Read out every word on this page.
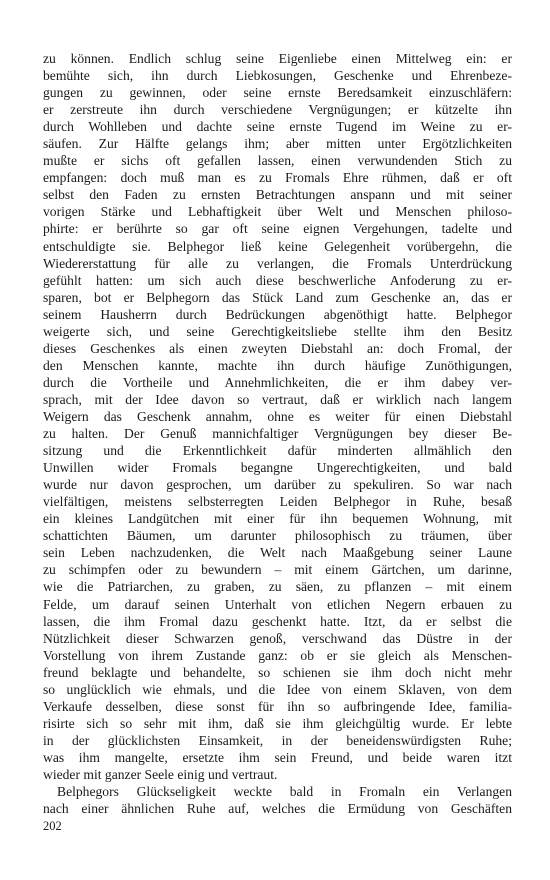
zu können. Endlich schlug seine Eigenliebe einen Mittelweg ein: er
bemühte sich, ihn durch Liebkosungen, Geschenke und Ehrenbeze-
gungen zu gewinnen, oder seine ernste Beredsamkeit einzuschläfern:
er zerstreute ihn durch verschiedene Vergnügungen; er kützelte ihn
durch Wohlleben und dachte seine ernste Tugend im Weine zu er-
säufen. Zur Hälfte gelangs ihm; aber mitten unter Ergötzlichkeiten
mußte er sichs oft gefallen lassen, einen verwundenden Stich zu
empfangen: doch muß man es zu Fromals Ehre rühmen, daß er oft
selbst den Faden zu ernsten Betrachtungen anspann und mit seiner
vorigen Stärke und Lebhaftigkeit über Welt und Menschen philoso-
phirte: er berührte so gar oft seine eignen Vergehungen, tadelte und
entschuldigte sie. Belphegor ließ keine Gelegenheit vorübergehn, die
Wiedererstattung für alle zu verlangen, die Fromals Unterdrückung
gefühlt hatten: um sich auch diese beschwerliche Anfoderung zu er-
sparen, bot er Belphegorn das Stück Land zum Geschenke an, das er
seinem Hausherrn durch Bedrückungen abgenöthigt hatte. Belphegor
weigerte sich, und seine Gerechtigkeitsliebe stellte ihm den Besitz
dieses Geschenkes als einen zweyten Diebstahl an: doch Fromal, der
den Menschen kannte, machte ihn durch häufige Zunöthigungen,
durch die Vortheile und Annehmlichkeiten, die er ihm dabey ver-
sprach, mit der Idee davon so vertraut, daß er wirklich nach langem
Weigern das Geschenk annahm, ohne es weiter für einen Diebstahl
zu halten. Der Genuß mannichfaltiger Vergnügungen bey dieser Be-
sitzung und die Erkenntlichkeit dafür minderten allmählich den
Unwillen wider Fromals begangne Ungerechtigkeiten, und bald
wurde nur davon gesprochen, um darüber zu spekuliren. So war nach
vielfältigen, meistens selbsterregten Leiden Belphegor in Ruhe, besaß
ein kleines Landgütchen mit einer für ihn bequemen Wohnung, mit
schattichten Bäumen, um darunter philosophisch zu träumen, über
sein Leben nachzudenken, die Welt nach Maaßgebung seiner Laune
zu schimpfen oder zu bewundern – mit einem Gärtchen, um darinne,
wie die Patriarchen, zu graben, zu säen, zu pflanzen – mit einem
Felde, um darauf seinen Unterhalt von etlichen Negern erbauen zu
lassen, die ihm Fromal dazu geschenkt hatte. Itzt, da er selbst die
Nützlichkeit dieser Schwarzen genoß, verschwand das Düstre in der
Vorstellung von ihrem Zustande ganz: ob er sie gleich als Menschen-
freund beklagte und behandelte, so schienen sie ihm doch nicht mehr
so unglücklich wie ehmals, und die Idee von einem Sklaven, von dem
Verkaufe desselben, diese sonst für ihn so aufbringende Idee, familia-
risirte sich so sehr mit ihm, daß sie ihm gleichgültig wurde. Er lebte
in der glücklichsten Einsamkeit, in der beneidenswürdigsten Ruhe;
was ihm mangelte, ersetzte ihm sein Freund, und beide waren itzt
wieder mit ganzer Seele einig und vertraut.
Belphegors Glückseligkeit weckte bald in Fromaln ein Verlangen
nach einer ähnlichen Ruhe auf, welches die Ermüdung von Geschäften
202
